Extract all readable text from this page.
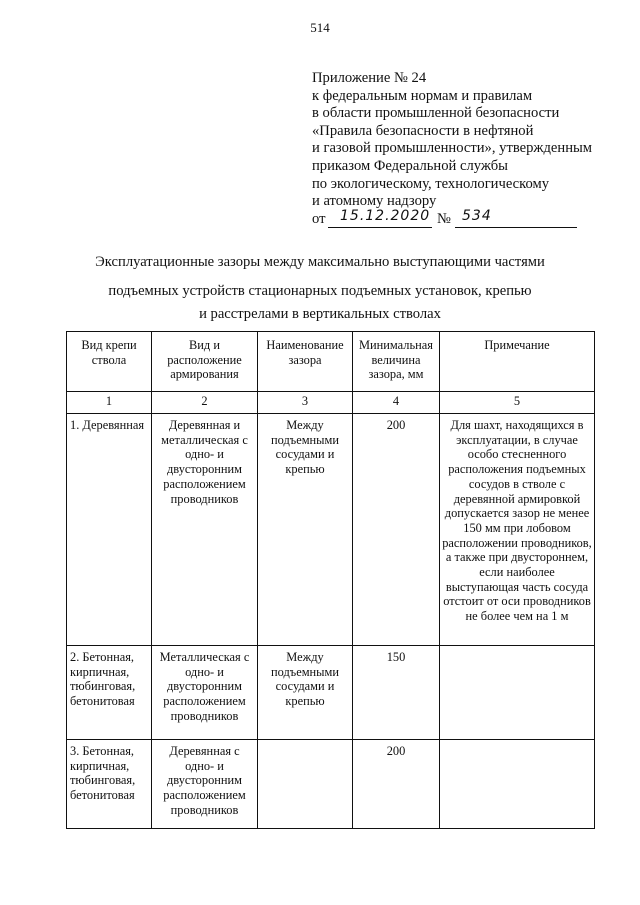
514
Приложение № 24
к федеральным нормам и правилам
в области промышленной безопасности
«Правила безопасности в нефтяной
и газовой промышленности», утвержденным
приказом Федеральной службы
по экологическому, технологическому
и атомному надзору
от 15.12.2020 № 534
Эксплуатационные зазоры между максимально выступающими частями
подъемных устройств стационарных подъемных установок, крепью
и расстрелами в вертикальных стволах
Вид крепи ствола	Вид и расположение армирования	Наименование зазора	Минимальная величина зазора, мм	Примечание

1	2	3	4	5

1. Деревянная	Деревянная и металлическая с одно- и двусторонним расположением проводников	Между подъемными сосудами и крепью	200	Для шахт, находящихся в эксплуатации, в случае особо стесненного расположения подъемных сосудов в стволе с деревянной армировкой допускается зазор не менее 150 мм при лобовом расположении проводников, а также при двустороннем, если наиболее выступающая часть сосуда отстоит от оси проводников не более чем на 1 м

2. Бетонная, кирпичная, тюбинговая, бетонитовая	Металлическая с одно- и двусторонним расположением проводников	Между подъемными сосудами и крепью	150	

3. Бетонная, кирпичная, тюбинговая, бетонитовая	Деревянная с одно- и двусторонним расположением проводников		200	
